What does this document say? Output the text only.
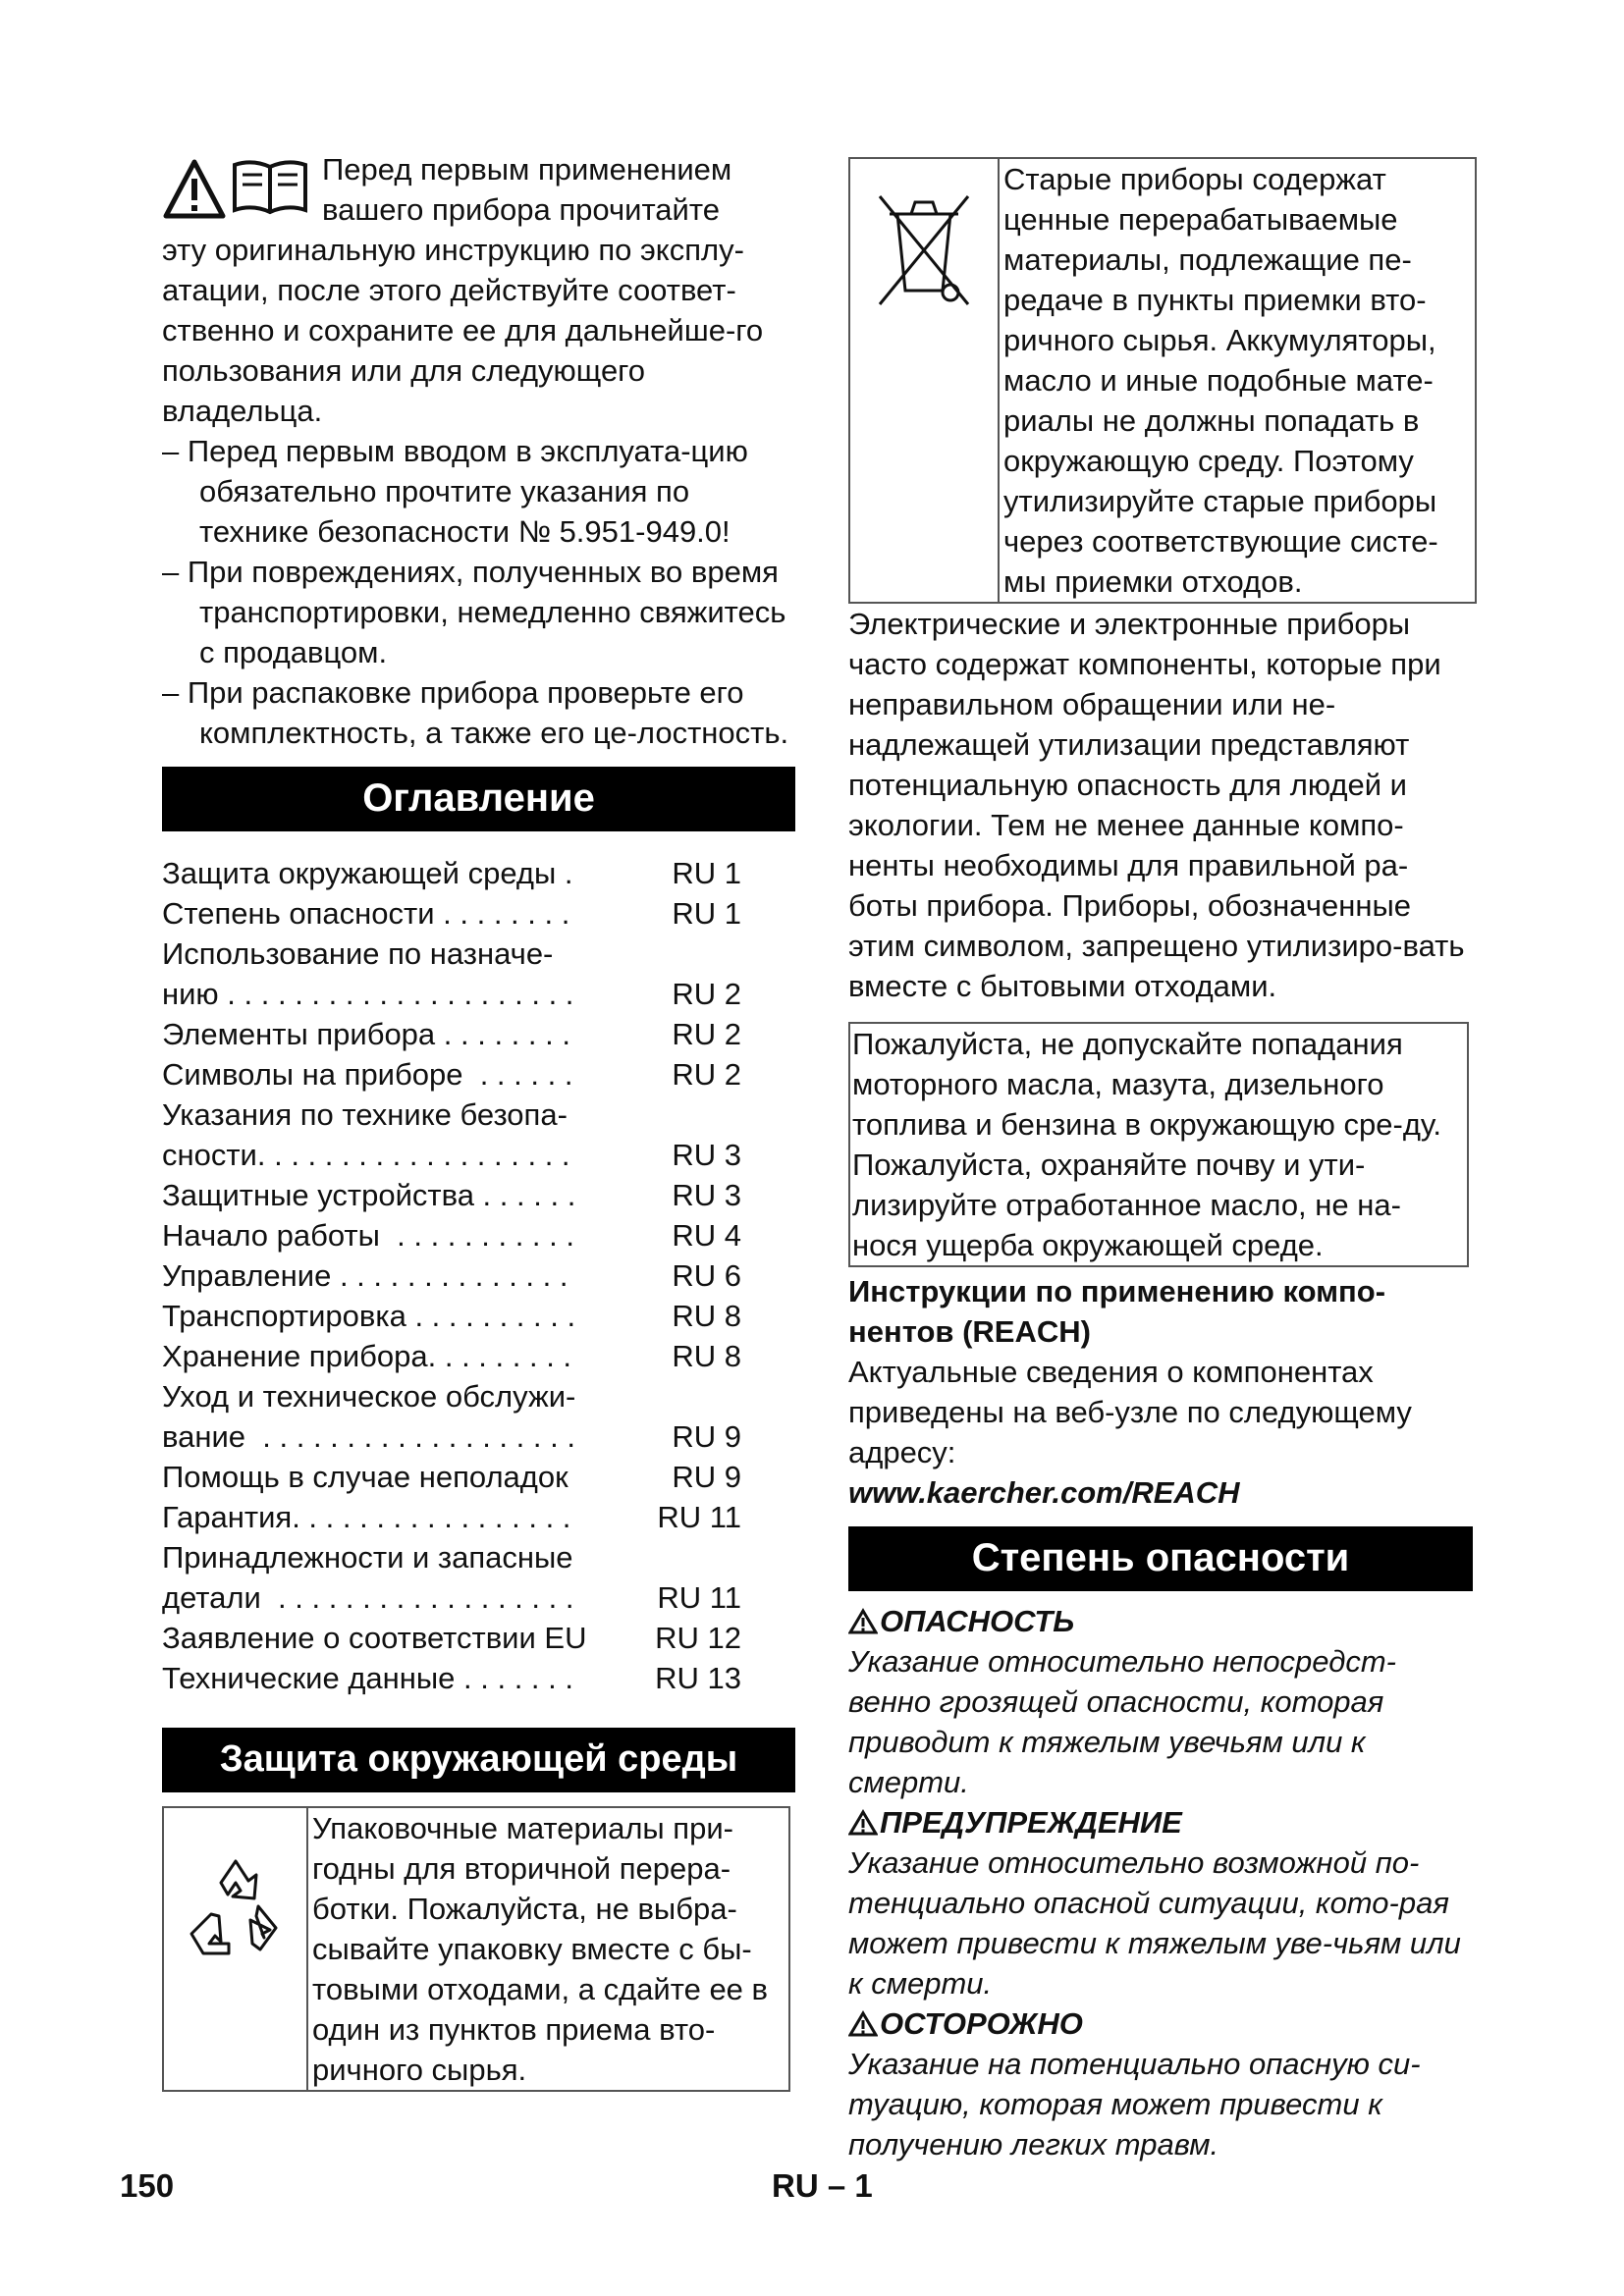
Перед первым применением

вашего прибора прочитайте

эту оригинальную инструкцию по эксплу-атации, после этого действуйте соответ-ственно и сохраните ее для дальнейше-го пользования или для следующего владельца.

– Перед первым вводом в эксплуата-цию обязательно прочтите указания по технике безопасности № 5.951-949.0!
– При повреждениях, полученных во время транспортировки, немедленно свяжитесь с продавцом.
– При распаковке прибора проверьте его комплектность, а также его це-лостность.
Оглавление
Защита окружающей среды .	RU 1
Степень опасности . . . . . . . .	RU 1
Использование по назначе-
нию . . . . . . . . . . . . . . . . . . . . .	RU 2
Элементы прибора . . . . . . . .	RU 2
Символы на приборе  . . . . . .	RU 2
Указания по технике безопа-
сности. . . . . . . . . . . . . . . . . . .	RU 3
Защитные устройства . . . . . .	RU 3
Начало работы  . . . . . . . . . . .	RU 4
Управление . . . . . . . . . . . . . .	RU 6
Транспортировка . . . . . . . . . .	RU 8
Хранение прибора. . . . . . . . .	RU 8
Уход и техническое обслужи-
вание  . . . . . . . . . . . . . . . . . . .	RU 9
Помощь в случае неполадок	RU 9
Гарантия. . . . . . . . . . . . . . . . .	RU 11
Принадлежности и запасные
детали  . . . . . . . . . . . . . . . . . .	RU 11
Заявление о соответствии EU	RU 12
Технические данные . . . . . . .	RU 13
Защита окружающей среды
Упаковочные материалы при-годны для вторичной перера-ботки. Пожалуйста, не выбра-сывайте упаковку вместе с бы-товыми отходами, а сдайте ее в один из пунктов приема вто-ричного сырья.
Старые приборы содержат ценные перерабатываемые материалы, подлежащие пе-редаче в пункты приемки вто-ричного сырья. Аккумуляторы, масло и иные подобные мате-риалы не должны попадать в окружающую среду. Поэтому утилизируйте старые приборы через соответствующие систе-мы приемки отходов.

Электрические и электронные приборы часто содержат компоненты, которые при неправильном обращении или не-надлежащей утилизации представляют потенциальную опасность для людей и экологии. Тем не менее данные компо-ненты необходимы для правильной ра-боты прибора. Приборы, обозначенные этим символом, запрещено утилизиро-вать вместе с бытовыми отходами.

Пожалуйста, не допускайте попадания моторного масла, мазута, дизельного топлива и бензина в окружающую сре-ду. Пожалуйста, охраняйте почву и ути-лизируйте отработанное масло, не на-нося ущерба окружающей среде.

Инструкции по применению компо-нентов (REACH)

Актуальные сведения о компонентах приведены на веб-узле по следующему адресу:

www.kaercher.com/REACH

Степень опасности
ОПАСНОСТЬ

Указание относительно непосредст-венно грозящей опасности, которая приводит к тяжелым увечьям или к смерти.

ПРЕДУПРЕЖДЕНИЕ

Указание относительно возможной по-тенциально опасной ситуации, кото-рая может привести к тяжелым уве-чьям или к смерти.

ОСТОРОЖНО

Указание на потенциально опасную си-туацию, которая может привести к получению легких травм.

150	RU – 1
